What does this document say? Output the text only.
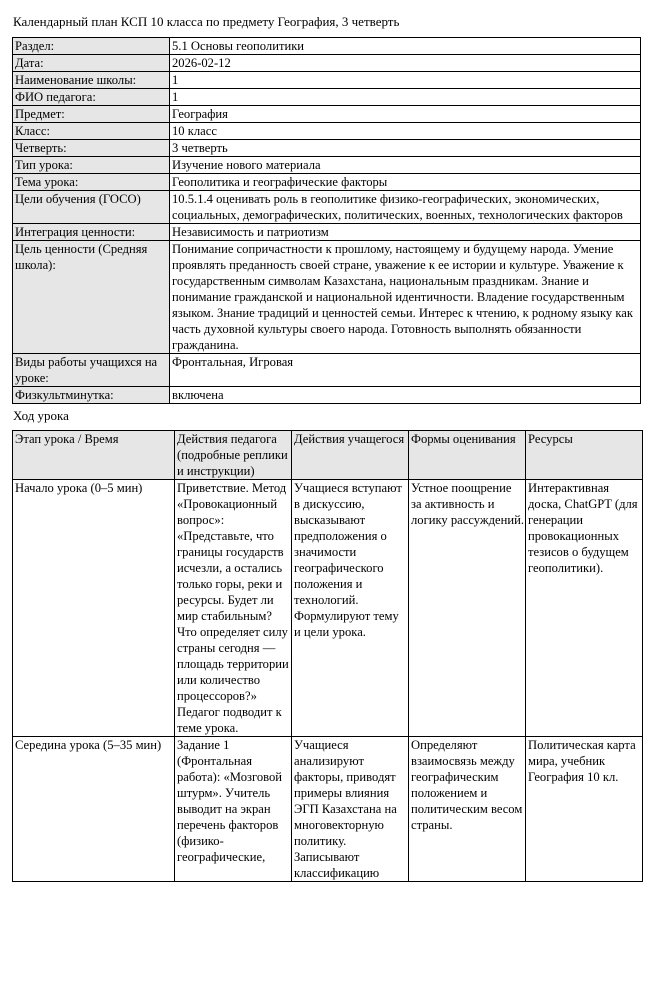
Календарный план КСП 10 класса по предмету География, 3 четверть
Раздел:	5.1 Основы геополитики
Дата:	2026-02-12
Наименование школы:	1
ФИО педагога:	1
Предмет:	География
Класс:	10 класс
Четверть:	3 четверть
Тип урока:	Изучение нового материала
Тема урока:	Геополитика и географические факторы
Цели обучения (ГОСО)	10.5.1.4 оценивать роль в геополитике физико-географических, экономических, социальных, демографических, политических, военных, технологических факторов
Интеграция ценности:	Независимость и патриотизм
Цель ценности (Средняя школа):	Понимание сопричастности к прошлому, настоящему и будущему народа. Умение проявлять преданность своей стране, уважение к ее истории и культуре. Уважение к государственным символам Казахстана, национальным праздникам. Знание и понимание гражданской и национальной идентичности. Владение государственным языком. Знание традиций и ценностей семьи. Интерес к чтению, к родному языку как часть духовной культуры своего народа. Готовность выполнять обязанности гражданина.
Виды работы учащихся на уроке:	Фронтальная, Игровая
Физкультминутка:	включена
Ход урока
Этап урока / Время	Действия педагога (подробные реплики и инструкции)	Действия учащегося	Формы оценивания	Ресурсы
Начало урока (0–5 мин)	Приветствие. Метод «Провокационный вопрос»: «Представьте, что границы государств исчезли, а остались только горы, реки и ресурсы. Будет ли мир стабильным? Что определяет силу страны сегодня — площадь территории или количество процессоров?» Педагог подводит к теме урока.	Учащиеся вступают в дискуссию, высказывают предположения о значимости географического положения и технологий. Формулируют тему и цели урока.	Устное поощрение за активность и логику рассуждений.	Интерактивная доска, ChatGPT (для генерации провокационных тезисов о будущем геополитики).
Середина урока (5–35 мин)	Задание 1 (Фронтальная работа): «Мозговой штурм». Учитель выводит на экран перечень факторов (физико-географические,	Учащиеся анализируют факторы, приводят примеры влияния ЭГП Казахстана на многовекторную политику. Записывают классификацию	Определяют взаимосвязь между географическим положением и политическим весом страны.	Политическая карта мира, учебник География 10 кл.
